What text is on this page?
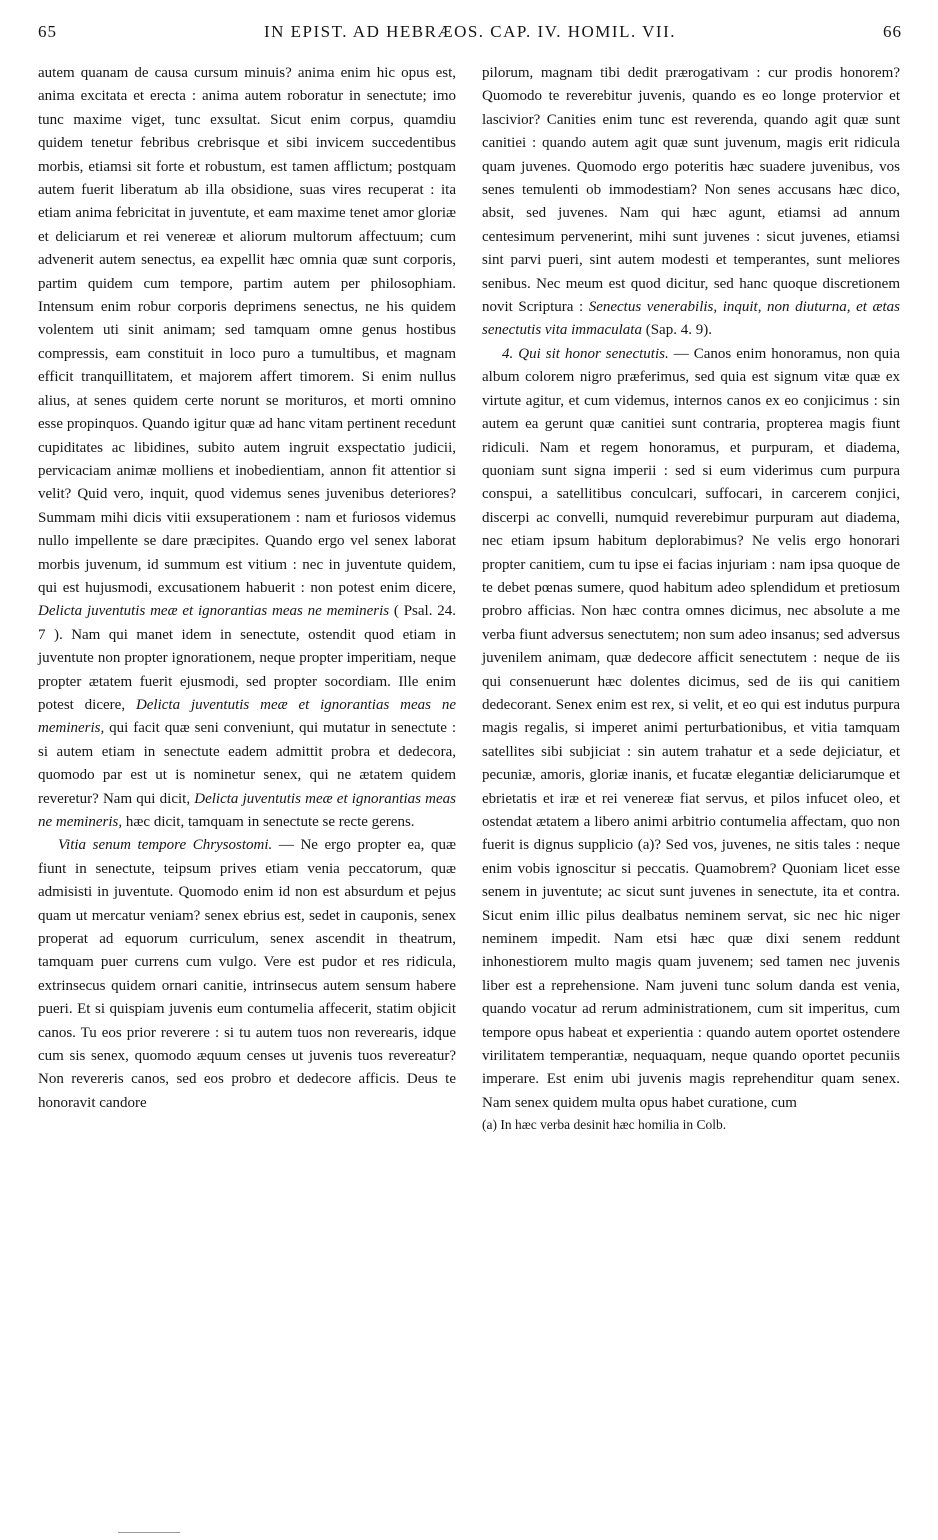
65	IN EPIST. AD HEBRÆOS. CAP. IV. HOMIL. VII.	66

autem quanam de causa cursum minuis? anima enim hic opus est, anima excitata et erecta : anima autem roboratur in senectute; imo tunc maxime viget, tunc exsultat. Sicut enim corpus, quamdiu quidem tenetur febribus crebrisque et sibi invicem succedentibus morbis, etiamsi sit forte et robustum, est tamen afflictum; postquam autem fuerit liberatum ab illa obsidione, suas vires recuperat : ita etiam anima febricitat in juventute, et eam maxime tenet amor gloriæ et deliciarum et rei venereæ et aliorum multorum affectuum; cum advenerit autem senectus, ea expellit hæc omnia quæ sunt corporis, partim quidem cum tempore, partim autem per philosophiam. Intensum enim robur corporis deprimens senectus, ne his quidem volentem uti sinit animam; sed tamquam omne genus hostibus compressis, eam constituit in loco puro a tumultibus, et magnam efficit tranquillitatem, et majorem affert timorem. Si enim nullus alius, at senes quidem certe norunt se morituros, et morti omnino esse propinquos. Quando igitur quæ ad hanc vitam pertinent recedunt cupiditates ac libidines, subito autem ingruit exspectatio judicii, pervicaciam animæ molliens et inobedientiam, annon fit attentior si velit? Quid vero, inquit, quod videmus senes juvenibus deteriores? Summam mihi dicis vitii exsuperationem : nam et furiosos videmus nullo impellente se dare præcipites. Quando ergo vel senex laborat morbis juvenum, id summum est vitium : nec in juventute quidem, qui est hujusmodi, excusationem habuerit : non potest enim dicere, Delicta juventutis meæ et ignorantias meas ne memineris ( Psal. 24. 7 ). Nam qui manet idem in senectute, ostendit quod etiam in juventute non propter ignorationem, neque propter imperitiam, neque propter ætatem fuerit ejusmodi, sed propter socordiam. Ille enim potest dicere, Delicta juventutis meæ et ignorantias meas ne memineris, qui facit quæ seni conveniunt, qui mutatur in senectute : si autem etiam in senectute eadem admittit probra et dedecora, quomodo par est ut is nominetur senex, qui ne ætatem quidem reveretur? Nam qui dicit, Delicta juventutis meæ et ignorantias meas ne memineris, hæc dicit, tamquam in senectute se recte gerens.

Vitia senum tempore Chrysostomi. — Ne ergo propter ea, quæ fiunt in senectute, teipsum prives etiam venia peccatorum, quæ admisisti in juventute. Quomodo enim id non est absurdum et pejus quam ut mercatur veniam? senex ebrius est, sedet in cauponis, senex properat ad equorum curriculum, senex ascendit in theatrum, tamquam puer currens cum vulgo. Vere est pudor et res ridicula, extrinsecus quidem ornari canitie, intrinsecus autem sensum habere pueri. Et si quispiam juvenis eum contumelia affecerit, statim objicit canos. Tu eos prior reverere : si tu autem tuos non reverearis, idque cum sis senex, quomodo æquum censes ut juvenis tuos revereatur? Non revereris canos, sed eos probro et dedecore afficis. Deus te honoravit candore

pilorum, magnam tibi dedit prærogativam : cur prodis honorem? Quomodo te reverebitur juvenis, quando es eo longe protervior et lascivior? Canities enim tunc est reverenda, quando agit quæ sunt canitiei : quando autem agit quæ sunt juvenum, magis erit ridicula quam juvenes. Quomodo ergo poteritis hæc suadere juvenibus, vos senes temulenti ob immodestiam? Non senes accusans hæc dico, absit, sed juvenes. Nam qui hæc agunt, etiamsi ad annum centesimum pervenerint, mihi sunt juvenes : sicut juvenes, etiamsi sint parvi pueri, sint autem modesti et temperantes, sunt meliores senibus. Nec meum est quod dicitur, sed hanc quoque discretionem novit Scriptura : Senectus venerabilis, inquit, non diuturna, et ætas senectutis vita immaculata (Sap. 4. 9).

4. Qui sit honor senectutis. — Canos enim honoramus, non quia album colorem nigro præferimus, sed quia est signum vitæ quæ ex virtute agitur, et cum videmus, internos canos ex eo conjicimus : sin autem ea gerunt quæ canitiei sunt contraria, propterea magis fiunt ridiculi. Nam et regem honoramus, et purpuram, et diadema, quoniam sunt signa imperii : sed si eum viderimus cum purpura conspui, a satellitibus conculcari, suffocari, in carcerem conjici, discerpi ac convelli, numquid reverebimur purpuram aut diadema, nec etiam ipsum habitum deplorabimus? Ne velis ergo honorari propter canitiem, cum tu ipse ei facias injuriam : nam ipsa quoque de te debet pœnas sumere, quod habitum adeo splendidum et pretiosum probro afficias. Non hæc contra omnes dicimus, nec absolute a me verba fiunt adversus senectutem; non sum adeo insanus; sed adversus juvenilem animam, quæ dedecore afficit senectutem : neque de iis qui consenuerunt hæc dolentes dicimus, sed de iis qui canitiem dedecorant. Senex enim est rex, si velit, et eo qui est indutus purpura magis regalis, si imperet animi perturbationibus, et vitia tamquam satellites sibi subjiciat : sin autem trahatur et a sede dejiciatur, et pecuniæ, amoris, gloriæ inanis, et fucatæ elegantiæ deliciarumque et ebrietatis et iræ et rei venereæ fiat servus, et pilos infucet oleo, et ostendat ætatem a libero animi arbitrio contumelia affectam, quo non fuerit is dignus supplicio (a)? Sed vos, juvenes, ne sitis tales : neque enim vobis ignoscitur si peccatis. Quamobrem? Quoniam licet esse senem in juventute; ac sicut sunt juvenes in senectute, ita et contra. Sicut enim illic pilus dealbatus neminem servat, sic nec hic niger neminem impedit. Nam etsi hæc quæ dixi senem reddunt inhonestiorem multo magis quam juvenem; sed tamen nec juvenis liber est a reprehensione. Nam juveni tunc solum danda est venia, quando vocatur ad rerum administrationem, cum sit imperitus, cum tempore opus habeat et experientia : quando autem oportet ostendere virilitatem temperantiæ, nequaquam, neque quando oportet pecuniis imperare. Est enim ubi juvenis magis reprehenditur quam senex. Nam senex quidem multa opus habet curatione, cum

(a) In hæc verba desinit hæc homilia in Colb.
